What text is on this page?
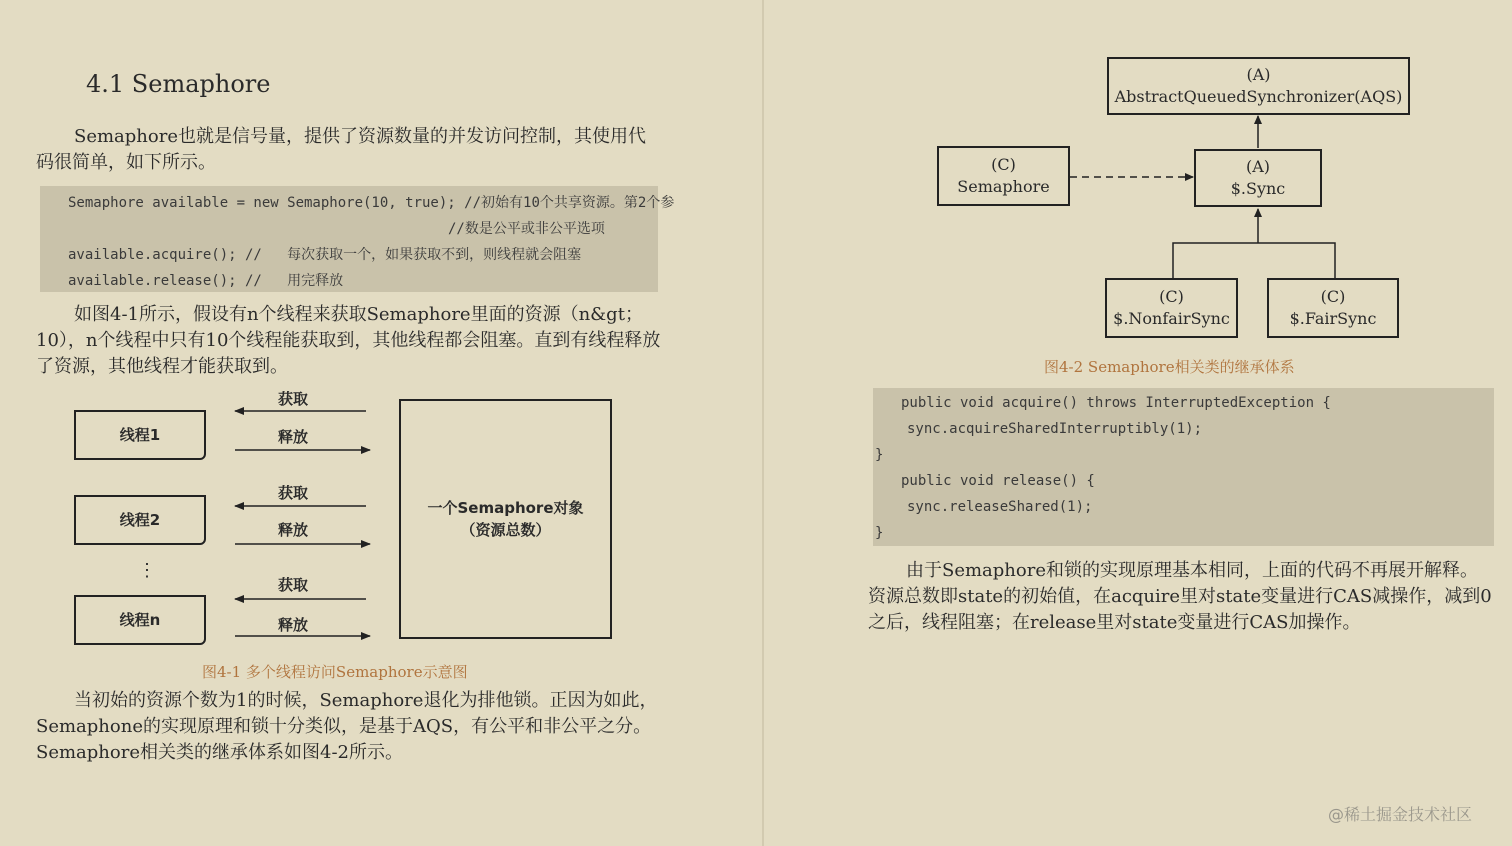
4.1 Semaphore
Semaphore也就是信号量，提供了资源数量的并发访问控制，其使用代码很简单，如下所示。
Semaphore available = new Semaphore(10, true); //初始有10个共享资源。第2个参
//数是公平或非公平选项
available.acquire(); // 每次获取一个，如果获取不到，则线程就会阻塞
available.release(); // 用完释放
如图4-1所示，假设有n个线程来获取Semaphore里面的资源（n&gt；10），n个线程中只有10个线程能获取到，其他线程都会阻塞。直到有线程释放了资源，其他线程才能获取到。
线程1
线程2
⋮
线程n
获取
释放
获取
释放
获取
释放
一个Semaphore对象
（资源总数）
图4-1 多个线程访问Semaphore示意图
当初始的资源个数为1的时候，Semaphore退化为排他锁。正因为如此，Semaphone的实现原理和锁十分类似，是基于AQS，有公平和非公平之分。Semaphore相关类的继承体系如图4-2所示。
(A)
AbstractQueuedSynchronizer(AQS)
(C)
Semaphore
(A)
$.Sync
(C)
$.NonfairSync
(C)
$.FairSync
图4-2 Semaphore相关类的继承体系
public void acquire() throws InterruptedException {
sync.acquireSharedInterruptibly(1);
}
public void release() {
sync.releaseShared(1);
}
由于Semaphore和锁的实现原理基本相同，上面的代码不再展开解释。资源总数即state的初始值，在acquire里对state变量进行CAS减操作，减到0之后，线程阻塞；在release里对state变量进行CAS加操作。
@稀土掘金技术社区
